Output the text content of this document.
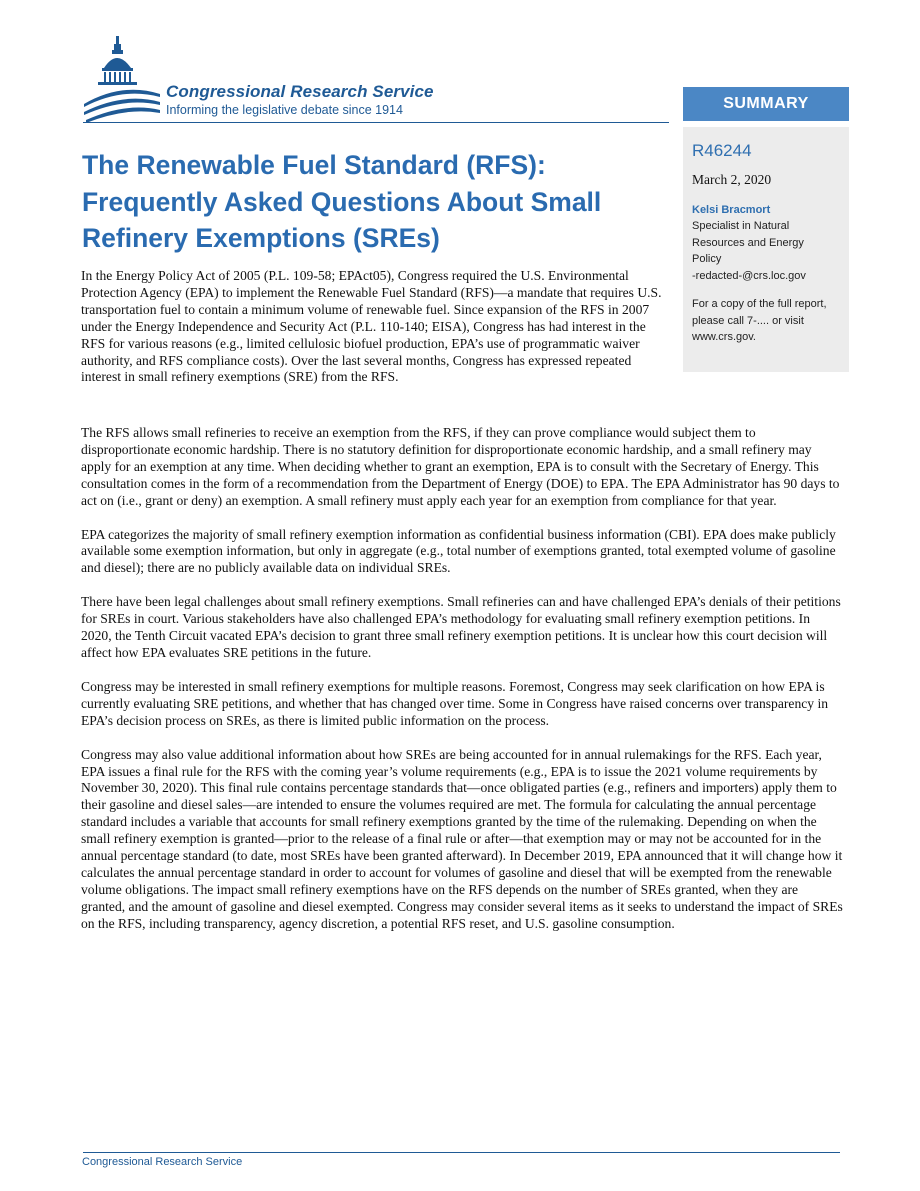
Congressional Research Service
Informing the legislative debate since 1914	SUMMARY
R46244
March 2, 2020
Kelsi Bracmort
Specialist in Natural
Resources and Energy
Policy
-redacted-@crs.loc.gov
For a copy of the full report,
please call 7-.... or visit
www.crs.gov.
The Renewable Fuel Standard (RFS):
Frequently Asked Questions About Small
Refinery Exemptions (SREs)

In the Energy Policy Act of 2005 (P.L. 109-58; EPAct05), Congress required the U.S. Environmental Protection Agency (EPA) to implement the Renewable Fuel Standard (RFS)—a mandate that requires U.S. transportation fuel to contain a minimum volume of renewable fuel. Since expansion of the RFS in 2007 under the Energy Independence and Security Act (P.L. 110-140; EISA), Congress has had interest in the RFS for various reasons (e.g., limited cellulosic biofuel production, EPA’s use of programmatic waiver authority, and RFS compliance costs). Over the last several months, Congress has expressed repeated interest in small refinery exemptions (SRE) from the RFS.

The RFS allows small refineries to receive an exemption from the RFS, if they can prove compliance would subject them to disproportionate economic hardship. There is no statutory definition for disproportionate economic hardship, and a small refinery may apply for an exemption at any time. When deciding whether to grant an exemption, EPA is to consult with the Secretary of Energy. This consultation comes in the form of a recommendation from the Department of Energy (DOE) to EPA. The EPA Administrator has 90 days to act on (i.e., grant or deny) an exemption. A small refinery must apply each year for an exemption from compliance for that year.

EPA categorizes the majority of small refinery exemption information as confidential business information (CBI). EPA does make publicly available some exemption information, but only in aggregate (e.g., total number of exemptions granted, total exempted volume of gasoline and diesel); there are no publicly available data on individual SREs.

There have been legal challenges about small refinery exemptions. Small refineries can and have challenged EPA’s denials of their petitions for SREs in court. Various stakeholders have also challenged EPA’s methodology for evaluating small refinery exemption petitions. In 2020, the Tenth Circuit vacated EPA’s decision to grant three small refinery exemption petitions. It is unclear how this court decision will affect how EPA evaluates SRE petitions in the future.

Congress may be interested in small refinery exemptions for multiple reasons. Foremost, Congress may seek clarification on how EPA is currently evaluating SRE petitions, and whether that has changed over time. Some in Congress have raised concerns over transparency in EPA’s decision process on SREs, as there is limited public information on the process.

Congress may also value additional information about how SREs are being accounted for in annual rulemakings for the RFS. Each year, EPA issues a final rule for the RFS with the coming year’s volume requirements (e.g., EPA is to issue the 2021 volume requirements by November 30, 2020). This final rule contains percentage standards that—once obligated parties (e.g., refiners and importers) apply them to their gasoline and diesel sales—are intended to ensure the volumes required are met. The formula for calculating the annual percentage standard includes a variable that accounts for small refinery exemptions granted by the time of the rulemaking. Depending on when the small refinery exemption is granted—prior to the release of a final rule or after—that exemption may or may not be accounted for in the annual percentage standard (to date, most SREs have been granted afterward). In December 2019, EPA announced that it will change how it calculates the annual percentage standard in order to account for volumes of gasoline and diesel that will be exempted from the renewable volume obligations. The impact small refinery exemptions have on the RFS depends on the number of SREs granted, when they are granted, and the amount of gasoline and diesel exempted. Congress may consider several items as it seeks to understand the impact of SREs on the RFS, including transparency, agency discretion, a potential RFS reset, and U.S. gasoline consumption.

Congressional Research Service
